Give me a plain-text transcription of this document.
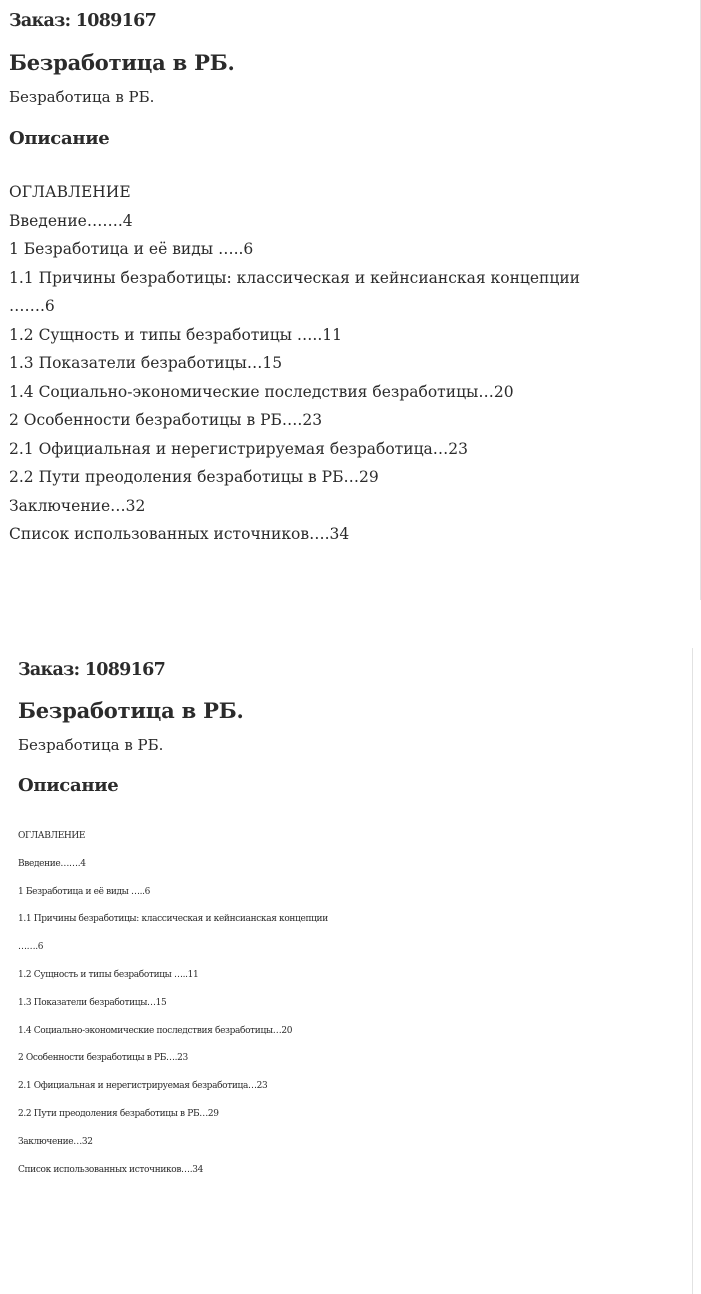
Заказ: 1089167
Безработица в РБ.
Безработица в РБ.
Описание
ОГЛАВЛЕНИЕ
Введение…….4
1 Безработица и её виды …..6
1.1 Причины безработицы: классическая и кейнсианская концепции
…….6
1.2 Сущность и типы безработицы …..11
1.3 Показатели безработицы…15
1.4 Социально-экономические последствия безработицы…20
2 Особенности безработицы в РБ….23
2.1 Официальная и нерегистрируемая безработица…23
2.2 Пути преодоления безработицы в РБ…29
Заключение…32
Список использованных источников….34
Заказ: 1089167
Безработица в РБ.
Безработица в РБ.
Описание
ОГЛАВЛЕНИЕ
Введение…….4
1 Безработица и её виды …..6
1.1 Причины безработицы: классическая и кейнсианская концепции
…….6
1.2 Сущность и типы безработицы …..11
1.3 Показатели безработицы…15
1.4 Социально-экономические последствия безработицы…20
2 Особенности безработицы в РБ….23
2.1 Официальная и нерегистрируемая безработица…23
2.2 Пути преодоления безработицы в РБ…29
Заключение…32
Список использованных источников….34
